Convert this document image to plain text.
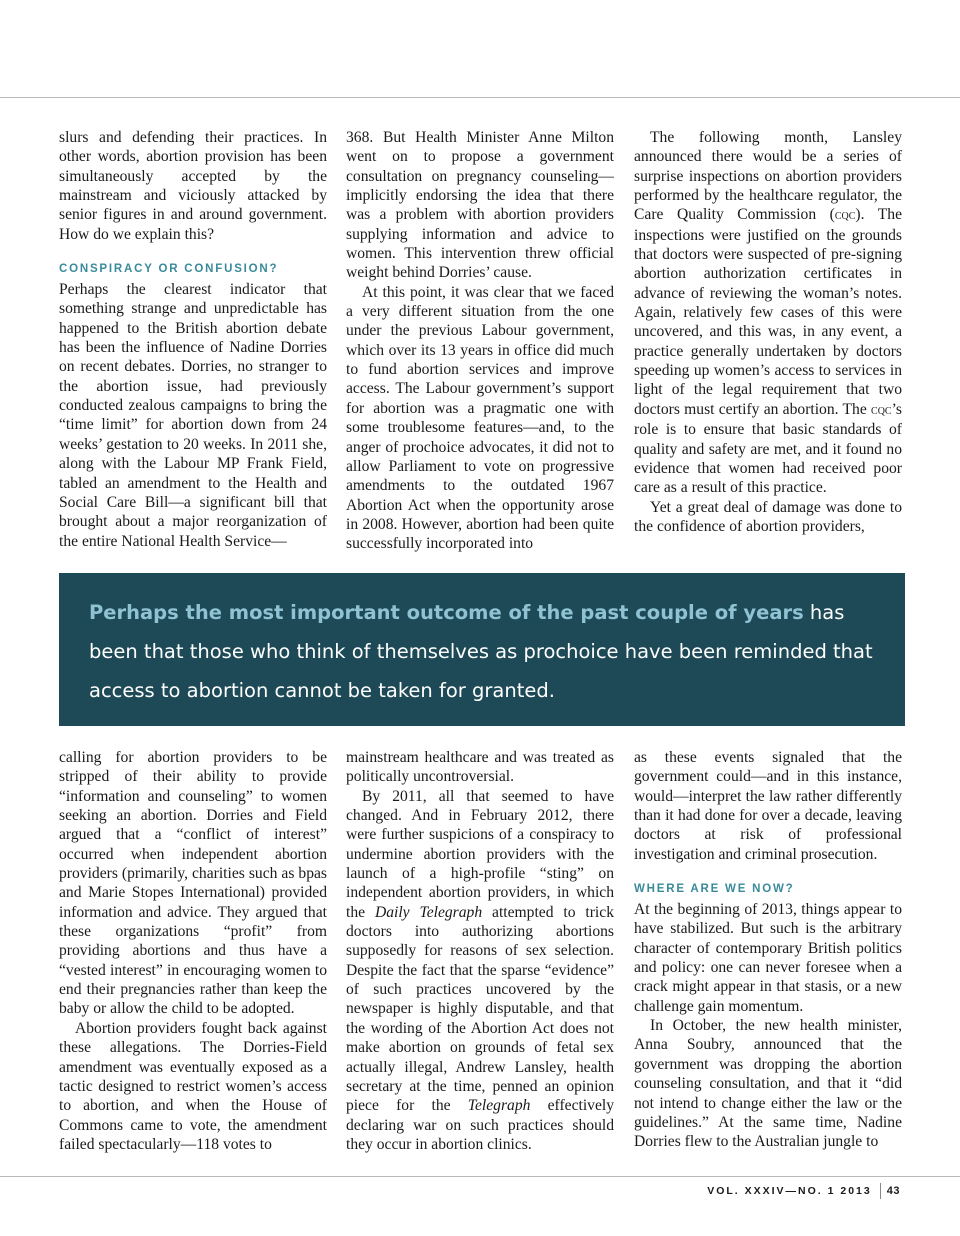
slurs and defending their practices. In other words, abortion provision has been simultaneously accepted by the mainstream and viciously attacked by senior figures in and around government. How do we explain this?

CONSPIRACY OR CONFUSION?

Perhaps the clearest indicator that something strange and unpredictable has happened to the British abortion debate has been the influence of Nadine Dorries on recent debates. Dorries, no stranger to the abortion issue, had previously conducted zealous campaigns to bring the “time limit” for abortion down from 24 weeks’ gestation to 20 weeks. In 2011 she, along with the Labour MP Frank Field, tabled an amendment to the Health and Social Care Bill—a significant bill that brought about a major reorganization of the entire National Health Service—

368. But Health Minister Anne Milton went on to propose a government consultation on pregnancy counseling—implicitly endorsing the idea that there was a problem with abortion providers supplying information and advice to women. This intervention threw official weight behind Dorries’ cause.

At this point, it was clear that we faced a very different situation from the one under the previous Labour government, which over its 13 years in office did much to fund abortion services and improve access. The Labour government’s support for abortion was a pragmatic one with some troublesome features—and, to the anger of prochoice advocates, it did not to allow Parliament to vote on progressive amendments to the outdated 1967 Abortion Act when the opportunity arose in 2008. However, abortion had been quite successfully incorporated into

The following month, Lansley announced there would be a series of surprise inspections on abortion providers performed by the healthcare regulator, the Care Quality Commission (cqc). The inspections were justified on the grounds that doctors were suspected of pre-signing abortion authorization certificates in advance of reviewing the woman’s notes. Again, relatively few cases of this were uncovered, and this was, in any event, a practice generally undertaken by doctors speeding up women’s access to services in light of the legal requirement that two doctors must certify an abortion. The cqc’s role is to ensure that basic standards of quality and safety are met, and it found no evidence that women had received poor care as a result of this practice.

Yet a great deal of damage was done to the confidence of abortion providers,

Perhaps the most important outcome of the past couple of years has been that those who think of themselves as prochoice have been reminded that access to abortion cannot be taken for granted.

calling for abortion providers to be stripped of their ability to provide “information and counseling” to women seeking an abortion. Dorries and Field argued that a “conflict of interest” occurred when independent abortion providers (primarily, charities such as bpas and Marie Stopes International) provided information and advice. They argued that these organizations “profit” from providing abortions and thus have a “vested interest” in encouraging women to end their pregnancies rather than keep the baby or allow the child to be adopted.

Abortion providers fought back against these allegations. The Dorries-Field amendment was eventually exposed as a tactic designed to restrict women’s access to abortion, and when the House of Commons came to vote, the amendment failed spectacularly—118 votes to

mainstream healthcare and was treated as politically uncontroversial.

By 2011, all that seemed to have changed. And in February 2012, there were further suspicions of a conspiracy to undermine abortion providers with the launch of a high-profile “sting” on independent abortion providers, in which the Daily Telegraph attempted to trick doctors into authorizing abortions supposedly for reasons of sex selection. Despite the fact that the sparse “evidence” of such practices uncovered by the newspaper is highly disputable, and that the wording of the Abortion Act does not make abortion on grounds of fetal sex actually illegal, Andrew Lansley, health secretary at the time, penned an opinion piece for the Telegraph effectively declaring war on such practices should they occur in abortion clinics.

as these events signaled that the government could—and in this instance, would—interpret the law rather differently than it had done for over a decade, leaving doctors at risk of professional investigation and criminal prosecution.

WHERE ARE WE NOW?

At the beginning of 2013, things appear to have stabilized. But such is the arbitrary character of contemporary British politics and policy: one can never foresee when a crack might appear in that stasis, or a new challenge gain momentum.

In October, the new health minister, Anna Soubry, announced that the government was dropping the abortion counseling consultation, and that it “did not intend to change either the law or the guidelines.” At the same time, Nadine Dorries flew to the Australian jungle to

VOL. XXXIV—NO. 1 2013 43
